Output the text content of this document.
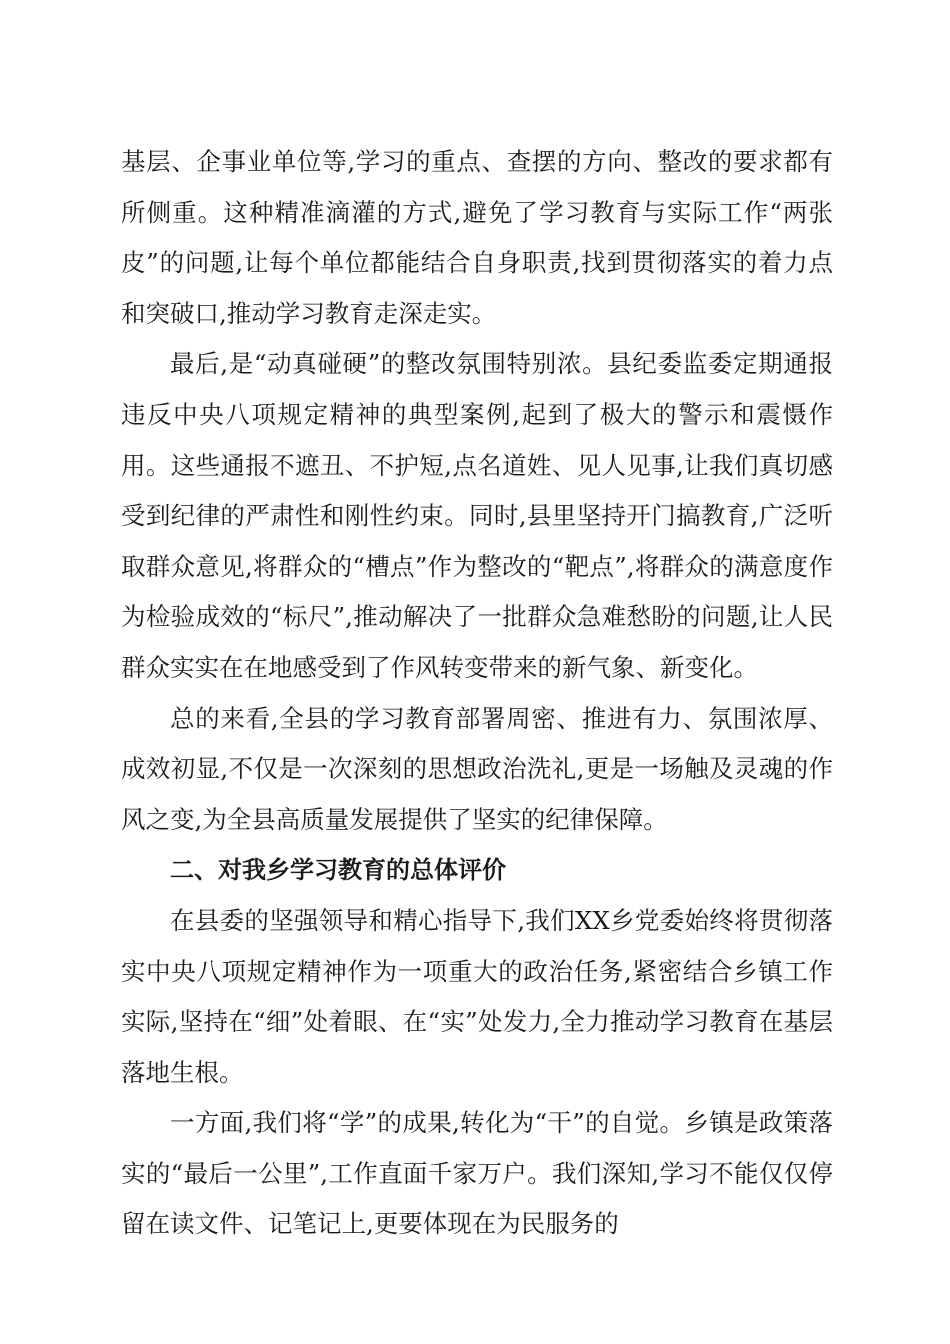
基层、企事业单位等,学习的重点、查摆的方向、整改的要求都有所侧重。这种精准滴灌的方式,避免了学习教育与实际工作“两张皮”的问题,让每个单位都能结合自身职责,找到贯彻落实的着力点和突破口,推动学习教育走深走实。

最后,是“动真碰硬”的整改氛围特别浓。县纪委监委定期通报违反中央八项规定精神的典型案例,起到了极大的警示和震慑作用。这些通报不遮丑、不护短,点名道姓、见人见事,让我们真切感受到纪律的严肃性和刚性约束。同时,县里坚持开门搞教育,广泛听取群众意见,将群众的“槽点”作为整改的“靶点”,将群众的满意度作为检验成效的“标尺”,推动解决了一批群众急难愁盼的问题,让人民群众实实在在地感受到了作风转变带来的新气象、新变化。

总的来看,全县的学习教育部署周密、推进有力、氛围浓厚、成效初显,不仅是一次深刻的思想政治洗礼,更是一场触及灵魂的作风之变,为全县高质量发展提供了坚实的纪律保障。

二、对我乡学习教育的总体评价

在县委的坚强领导和精心指导下,我们XX乡党委始终将贯彻落实中央八项规定精神作为一项重大的政治任务,紧密结合乡镇工作实际,坚持在“细”处着眼、在“实”处发力,全力推动学习教育在基层落地生根。

一方面,我们将“学”的成果,转化为“干”的自觉。乡镇是政策落实的“最后一公里”,工作直面千家万户。我们深知,学习不能仅仅停留在读文件、记笔记上,更要体现在为民服务的
